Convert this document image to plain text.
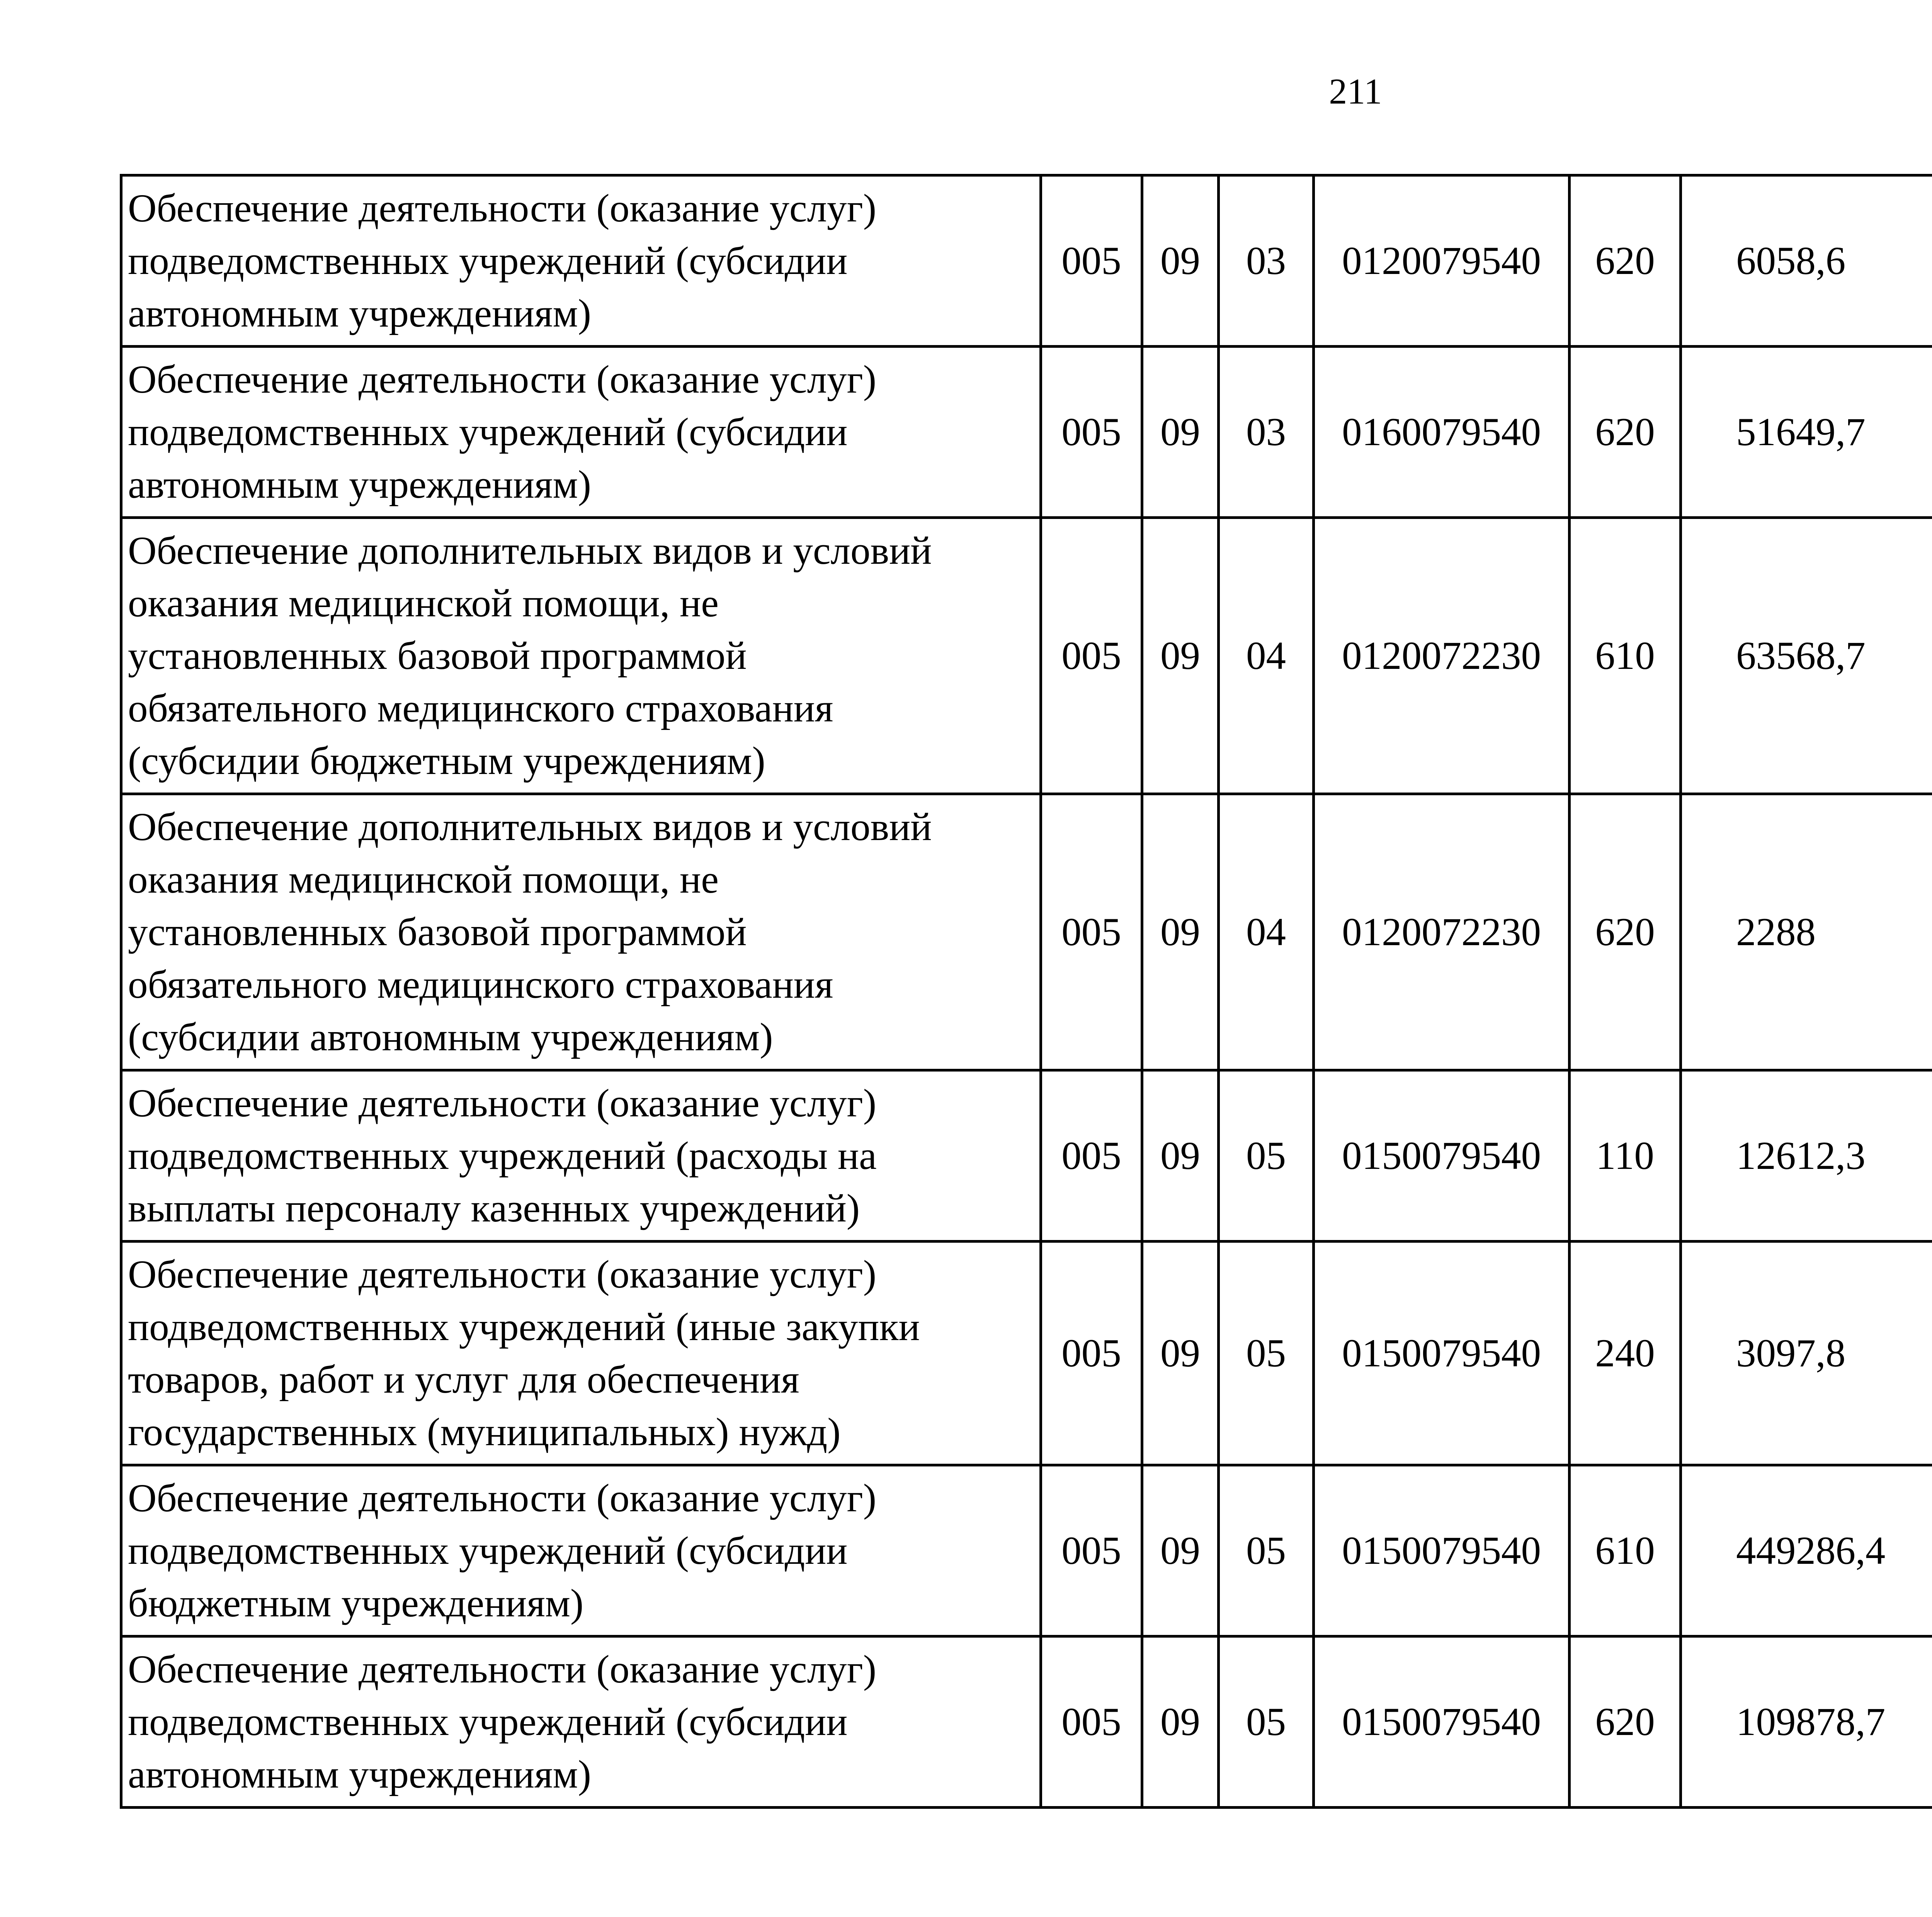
211
Обеспечение деятельности (оказание услуг)
подведомственных учреждений (субсидии
автономным учреждениям)	005	09	03	0120079540	620	6058,6		

Обеспечение деятельности (оказание услуг)
подведомственных учреждений (субсидии
автономным учреждениям)	005	09	03	0160079540	620	51649,7		

Обеспечение дополнительных видов и условий
оказания медицинской помощи, не
установленных базовой программой
обязательного медицинского страхования
(субсидии бюджетным учреждениям)	005	09	04	0120072230	610	63568,7		

Обеспечение дополнительных видов и условий
оказания медицинской помощи, не
установленных базовой программой
обязательного медицинского страхования
(субсидии автономным учреждениям)	005	09	04	0120072230	620	2288		

Обеспечение деятельности (оказание услуг)
подведомственных учреждений (расходы на
выплаты персоналу казенных учреждений)	005	09	05	0150079540	110	12612,3		

Обеспечение деятельности (оказание услуг)
подведомственных учреждений (иные закупки
товаров, работ и услуг для обеспечения
государственных (муниципальных) нужд)	005	09	05	0150079540	240	3097,8		

Обеспечение деятельности (оказание услуг)
подведомственных учреждений (субсидии
бюджетным учреждениям)	005	09	05	0150079540	610	449286,4		

Обеспечение деятельности (оказание услуг)
подведомственных учреждений (субсидии
автономным учреждениям)	005	09	05	0150079540	620	109878,7		
